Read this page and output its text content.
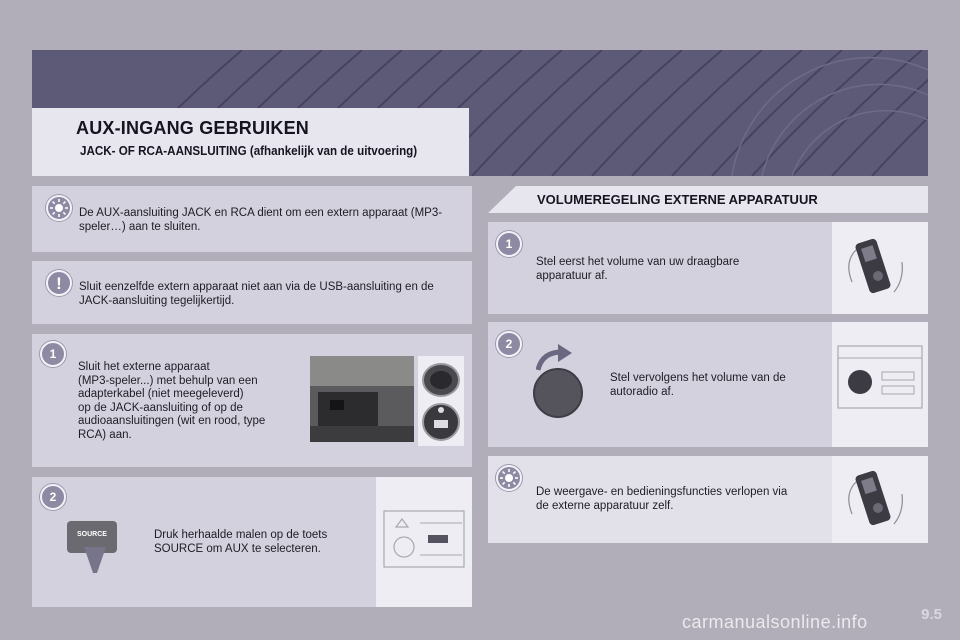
AUX-INGANG GEBRUIKEN
JACK- OF RCA-AANSLUITING (afhankelijk van de uitvoering)
De AUX-aansluiting JACK en RCA dient om een extern apparaat (MP3-speler…) aan te sluiten.
!	Sluit eenzelfde extern apparaat niet aan via de USB-aansluiting en de JACK-aansluiting tegelijkertijd.
1
Sluit het externe apparaat
(MP3-speler...) met behulp van een
adapterkabel (niet meegeleverd)
op de JACK-aansluiting of op de
audioaansluitingen (wit en rood, type
RCA) aan.
2
SOURCE	Druk herhaalde malen op de toets
SOURCE om AUX te selecteren.
VOLUMEREGELING EXTERNE APPARATUUR
1
Stel eerst het volume van uw draagbare
apparatuur af.
2
Stel vervolgens het volume van de
autoradio af.
De weergave- en bedieningsfuncties verlopen via
de externe apparatuur zelf.
9.5
carmanualsonline.info
